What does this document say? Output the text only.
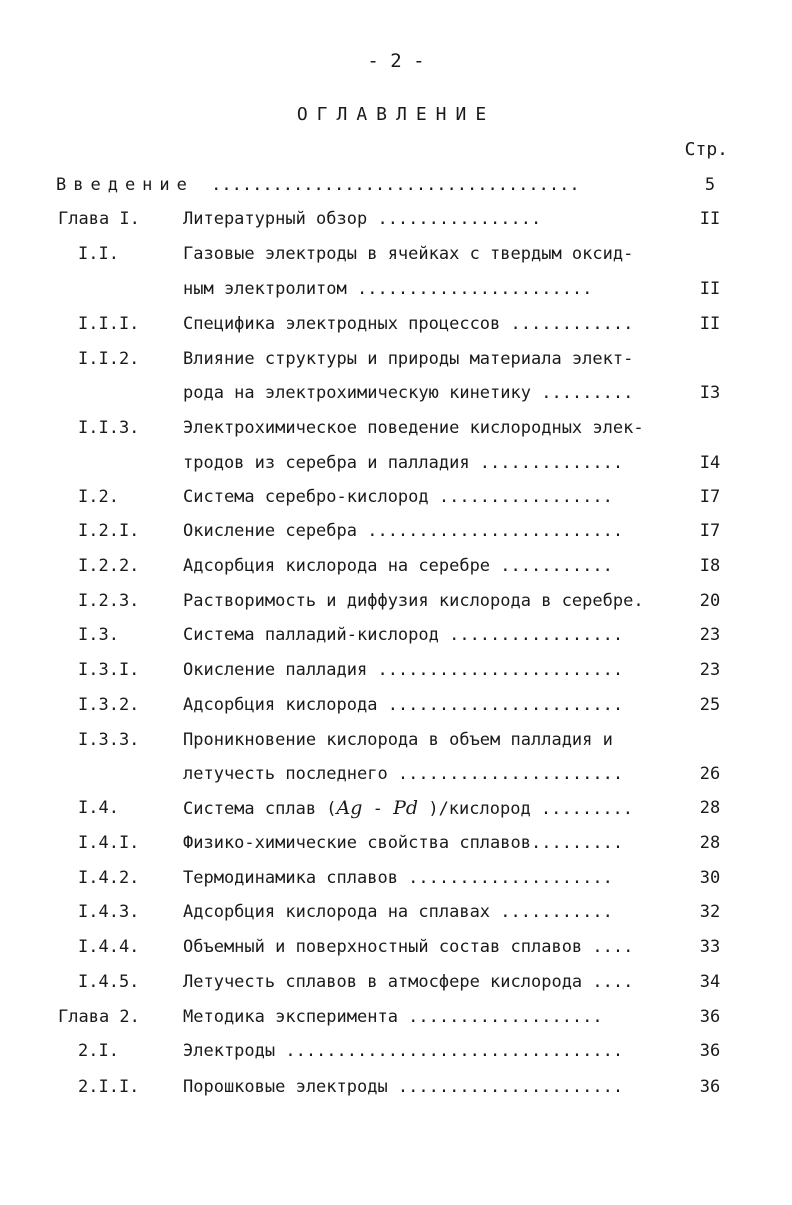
- 2 -
ОГЛАВЛЕНИЕ
Стр.
Введение ....................................	5
Глава I.	Литературный обзор ................	II
I.I.	Газовые электроды в ячейках с твердым оксид-
ным электролитом .......................	II
I.I.I.	Специфика электродных процессов ............	II
I.I.2.	Влияние структуры и природы материала элект-
рода на электрохимическую кинетику .........	I3
I.I.3.	Электрохимическое поведение кислородных элек-
тродов из серебра и палладия ..............	I4
I.2.	Система серебро-кислород .................	I7
I.2.I.	Окисление серебра .........................	I7
I.2.2.	Адсорбция кислорода на серебре ...........	I8
I.2.3.	Растворимость и диффузия кислорода в серебре.	20
I.3.	Система палладий-кислород .................	23
I.3.I.	Окисление палладия ........................	23
I.3.2.	Адсорбция кислорода .......................	25
I.3.3.	Проникновение кислорода в объем палладия и
летучесть последнего ......................	26
I.4.	Система сплав (Ag - Pd )/кислород .........	28
I.4.I.	Физико-химические свойства сплавов.........	28
I.4.2.	Термодинамика сплавов ....................	30
I.4.3.	Адсорбция кислорода на сплавах ...........	32
I.4.4.	Объемный и поверхностный состав сплавов ....	33
I.4.5.	Летучесть сплавов в атмосфере кислорода ....	34
Глава 2.	Методика эксперимента ...................	36
2.I.	Электроды .................................	36
2.I.I.	Порошковые электроды ......................	36
